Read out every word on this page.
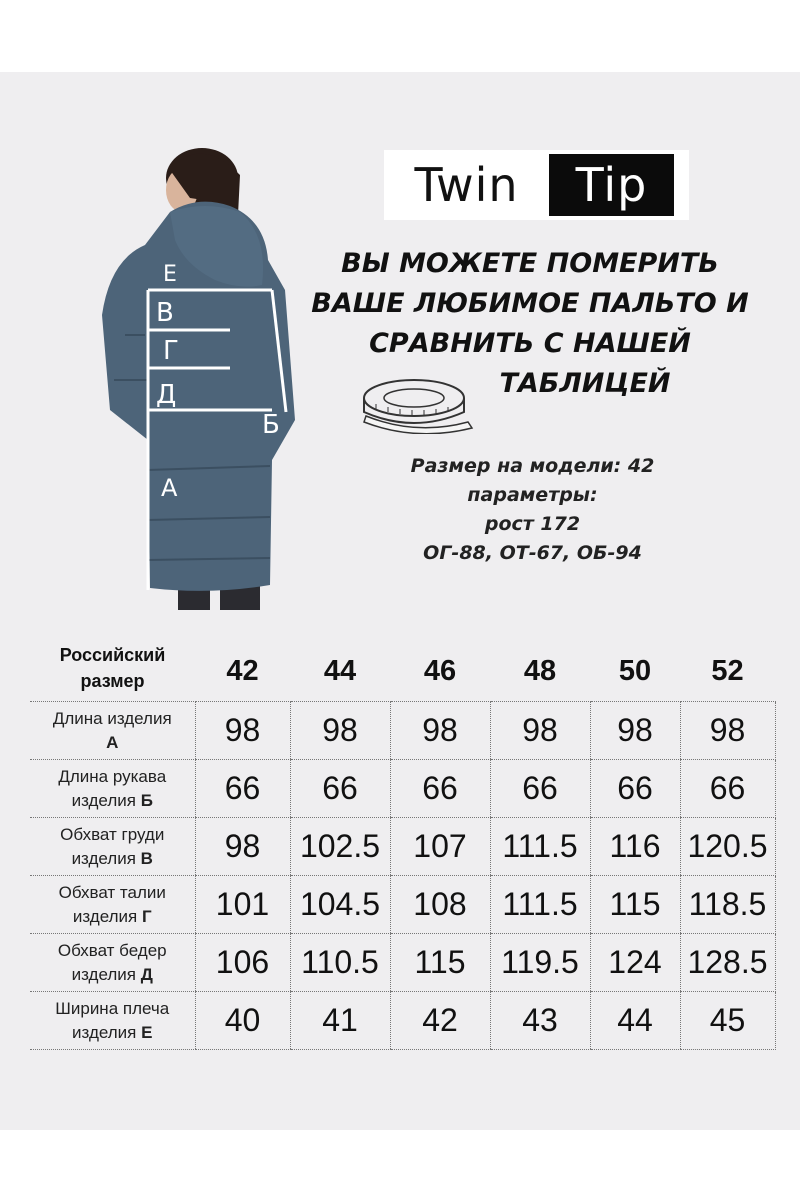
Е
В
Г
Д
Б
А
Twin	Tip
ВЫ МОЖЕТЕ ПОМЕРИТЬ
ВАШЕ ЛЮБИМОЕ ПАЛЬТО И
СРАВНИТЬ С НАШЕЙ
ТАБЛИЦЕЙ
Размер на модели: 42
параметры:
рост 172
ОГ-88, ОТ-67, ОБ-94
Российский
размер	42	44	46	48	50	52

Длина изделия
А	98	98	98	98	98	98

Длина рукава
изделия Б	66	66	66	66	66	66

Обхват груди
изделия В	98	102.5	107	111.5	116	120.5

Обхват талии
изделия Г	101	104.5	108	111.5	115	118.5

Обхват бедер
изделия Д	106	110.5	115	119.5	124	128.5

Ширина плеча
изделия Е	40	41	42	43	44	45
